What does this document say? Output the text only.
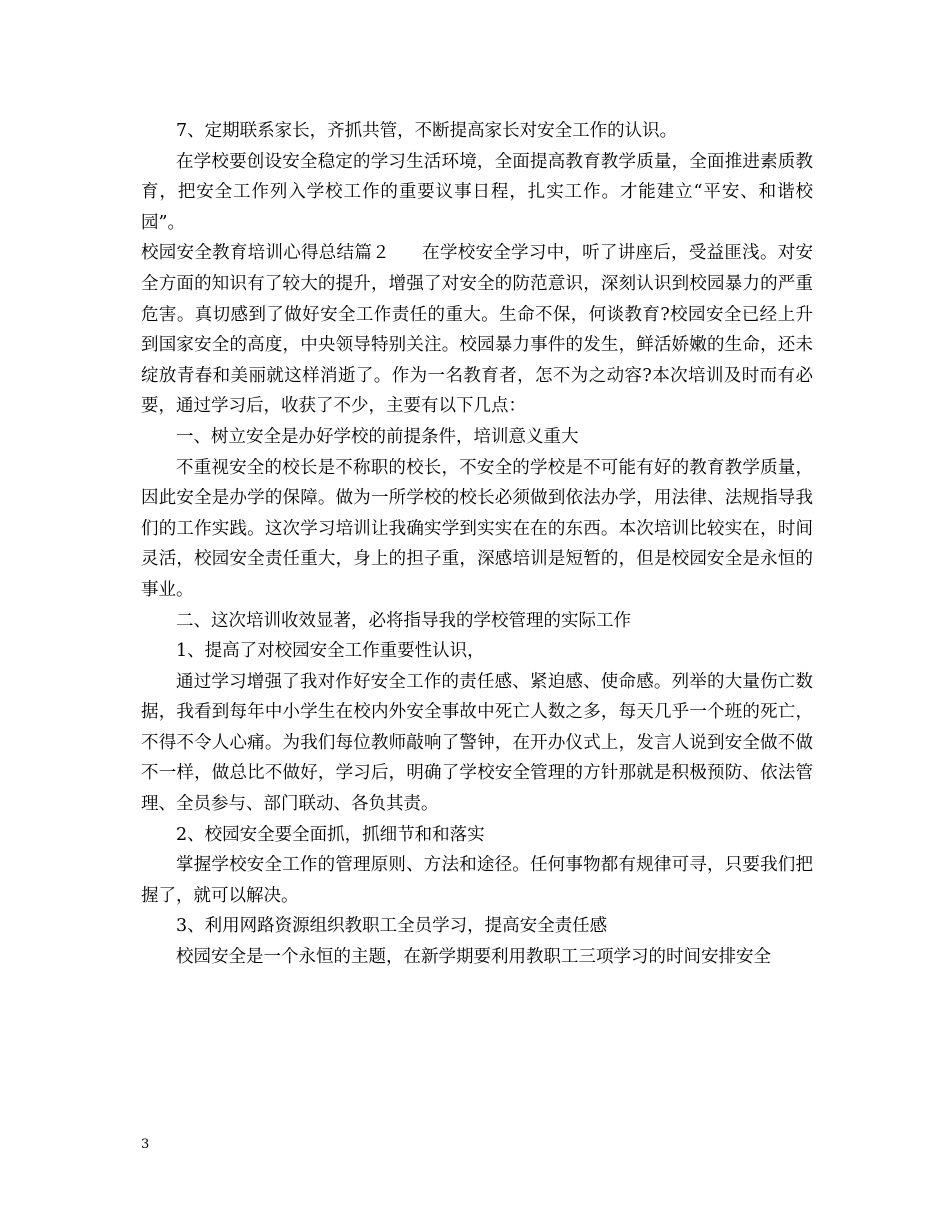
7、定期联系家长，齐抓共管，不断提高家长对安全工作的认识。

在学校要创设安全稳定的学习生活环境，全面提高教育教学质量，全面推进素质教育，把安全工作列入学校工作的重要议事日程，扎实工作。才能建立“平安、和谐校园”。

校园安全教育培训心得总结篇２ 在学校安全学习中，听了讲座后，受益匪浅。对安全方面的知识有了较大的提升，增强了对安全的防范意识，深刻认识到校园暴力的严重危害。真切感到了做好安全工作责任的重大。生命不保，何谈教育?校园安全已经上升到国家安全的高度，中央领导特别关注。校园暴力事件的发生，鲜活娇嫩的生命，还未绽放青春和美丽就这样消逝了。作为一名教育者，怎不为之动容?本次培训及时而有必要，通过学习后，收获了不少，主要有以下几点：

一、树立安全是办好学校的前提条件，培训意义重大

不重视安全的校长是不称职的校长，不安全的学校是不可能有好的教育教学质量，因此安全是办学的保障。做为一所学校的校长必须做到依法办学，用法律、法规指导我们的工作实践。这次学习培训让我确实学到实实在在的东西。本次培训比较实在，时间灵活，校园安全责任重大，身上的担子重，深感培训是短暂的，但是校园安全是永恒的事业。

二、这次培训收效显著，必将指导我的学校管理的实际工作

1、提高了对校园安全工作重要性认识，

通过学习增强了我对作好安全工作的责任感、紧迫感、使命感。列举的大量伤亡数据，我看到每年中小学生在校内外安全事故中死亡人数之多，每天几乎一个班的死亡，不得不令人心痛。为我们每位教师敲响了警钟，在开办仪式上，发言人说到安全做不做不一样，做总比不做好，学习后，明确了学校安全管理的方针那就是积极预防、依法管理、全员参与、部门联动、各负其责。

2、校园安全要全面抓，抓细节和和落实

掌握学校安全工作的管理原则、方法和途径。任何事物都有规律可寻，只要我们把握了，就可以解决。

3、利用网路资源组织教职工全员学习，提高安全责任感

校园安全是一个永恒的主题，在新学期要利用教职工三项学习的时间安排安全

3
